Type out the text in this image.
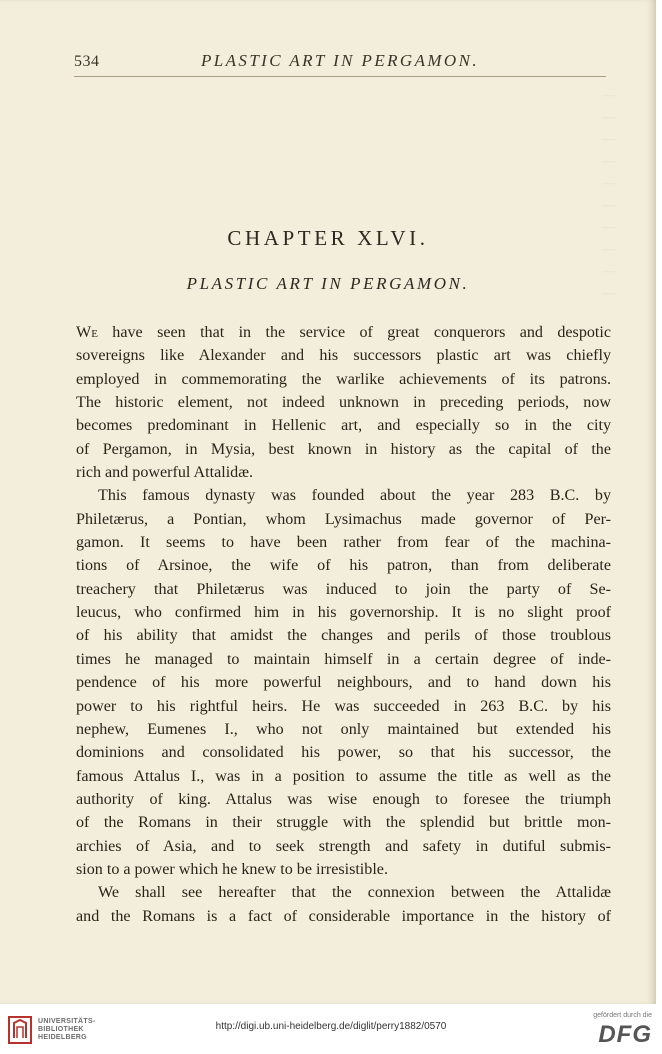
—
—
—
—
—
—
—
—
—
—
534	PLASTIC ART IN PERGAMON.
CHAPTER XLVI.
PLASTIC ART IN PERGAMON.
We have seen that in the service of great conquerors and despotic
sovereigns like Alexander and his successors plastic art was chiefly
employed in commemorating the warlike achievements of its patrons.
The historic element, not indeed unknown in preceding periods, now
becomes predominant in Hellenic art, and especially so in the city
of Pergamon, in Mysia, best known in history as the capital of the
rich and powerful Attalidæ.
This famous dynasty was founded about the year 283 B.C. by
Philetærus, a Pontian, whom Lysimachus made governor of Per-
gamon. It seems to have been rather from fear of the machina-
tions of Arsinoe, the wife of his patron, than from deliberate
treachery that Philetærus was induced to join the party of Se-
leucus, who confirmed him in his governorship. It is no slight proof
of his ability that amidst the changes and perils of those troublous
times he managed to maintain himself in a certain degree of inde-
pendence of his more powerful neighbours, and to hand down his
power to his rightful heirs. He was succeeded in 263 B.C. by his
nephew, Eumenes I., who not only maintained but extended his
dominions and consolidated his power, so that his successor, the
famous Attalus I., was in a position to assume the title as well as the
authority of king. Attalus was wise enough to foresee the triumph
of the Romans in their struggle with the splendid but brittle mon-
archies of Asia, and to seek strength and safety in dutiful submis-
sion to a power which he knew to be irresistible.
We shall see hereafter that the connexion between the Attalidæ
and the Romans is a fact of considerable importance in the history of
UNIVERSITÄTS-
BIBLIOTHEK
HEIDELBERG
http://digi.ub.uni-heidelberg.de/diglit/perry1882/0570
gefördert durch die
DFG
